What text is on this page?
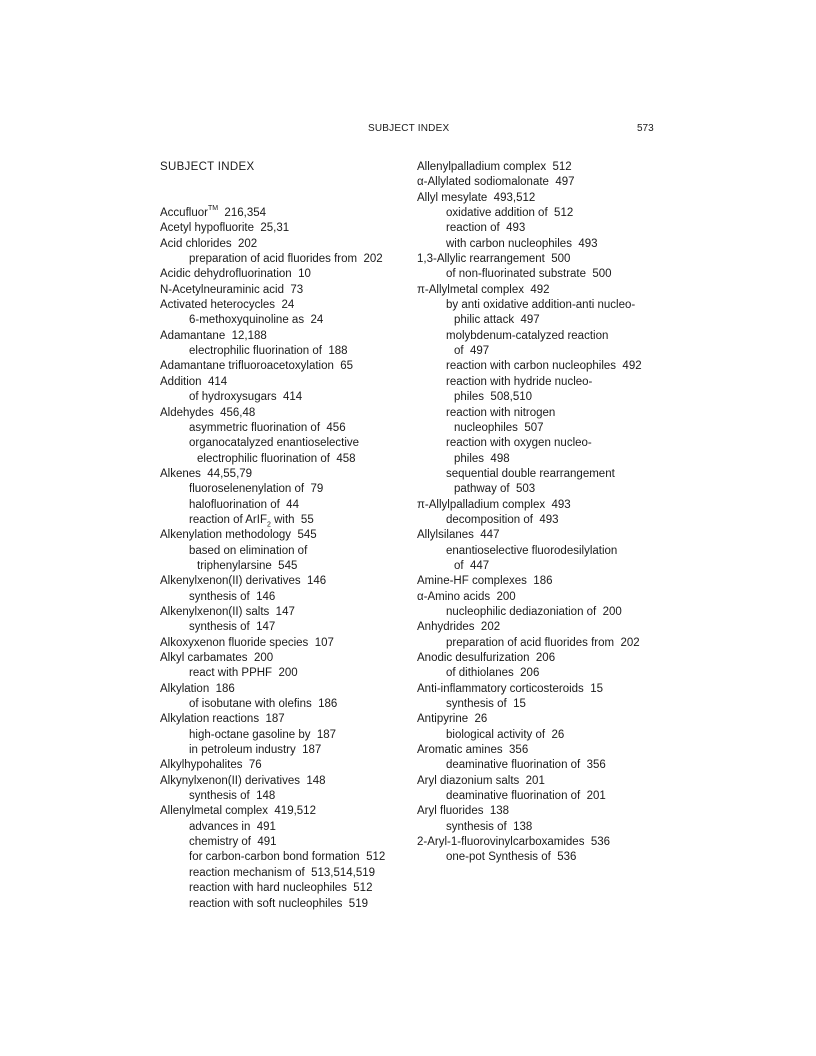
SUBJECT INDEX	573
SUBJECT INDEX

Accufluor™  216,354
Acetyl hypofluorite  25,31
Acid chlorides  202
preparation of acid fluorides from  202
Acidic dehydrofluorination  10
N-Acetylneuraminic acid  73
Activated heterocycles  24
6-methoxyquinoline as  24
Adamantane  12,188
electrophilic fluorination of  188
Adamantane trifluoroacetoxylation  65
Addition  414
of hydroxysugars  414
Aldehydes  456,48
asymmetric fluorination of  456
organocatalyzed enantioselective
electrophilic fluorination of  458
Alkenes  44,55,79
fluoroselenenylation of  79
halofluorination of  44
reaction of ArIF$_2$ with  55
Alkenylation methodology  545
based on elimination of
triphenylarsine  545
Alkenylxenon(II) derivatives  146
synthesis of  146
Alkenylxenon(II) salts  147
synthesis of  147
Alkoxyxenon fluoride species  107
Alkyl carbamates  200
react with PPHF  200
Alkylation  186
of isobutane with olefins  186
Alkylation reactions  187
high-octane gasoline by  187
in petroleum industry  187
Alkylhypohalites  76
Alkynylxenon(II) derivatives  148
synthesis of  148
Allenylmetal complex  419,512
advances in  491
chemistry of  491
for carbon-carbon bond formation  512
reaction mechanism of  513,514,519
reaction with hard nucleophiles  512
reaction with soft nucleophiles  519
Allenylpalladium complex  512
α-Allylated sodiomalonate  497
Allyl mesylate  493,512
oxidative addition of  512
reaction of  493
with carbon nucleophiles  493
1,3-Allylic rearrangement  500
of non-fluorinated substrate  500
π-Allylmetal complex  492
by anti oxidative addition-anti nucleo-
philic attack  497
molybdenum-catalyzed reaction
of  497
reaction with carbon nucleophiles  492
reaction with hydride nucleo-
philes  508,510
reaction with nitrogen
nucleophiles  507
reaction with oxygen nucleo-
philes  498
sequential double rearrangement
pathway of  503
π-Allylpalladium complex  493
decomposition of  493
Allylsilanes  447
enantioselective fluorodesilylation
of  447
Amine-HF complexes  186
α-Amino acids  200
nucleophilic dediazoniation of  200
Anhydrides  202
preparation of acid fluorides from  202
Anodic desulfurization  206
of dithiolanes  206
Anti-inflammatory corticosteroids  15
synthesis of  15
Antipyrine  26
biological activity of  26
Aromatic amines  356
deaminative fluorination of  356
Aryl diazonium salts  201
deaminative fluorination of  201
Aryl fluorides  138
synthesis of  138
2-Aryl-1-fluorovinylcarboxamides  536
one-pot Synthesis of  536
